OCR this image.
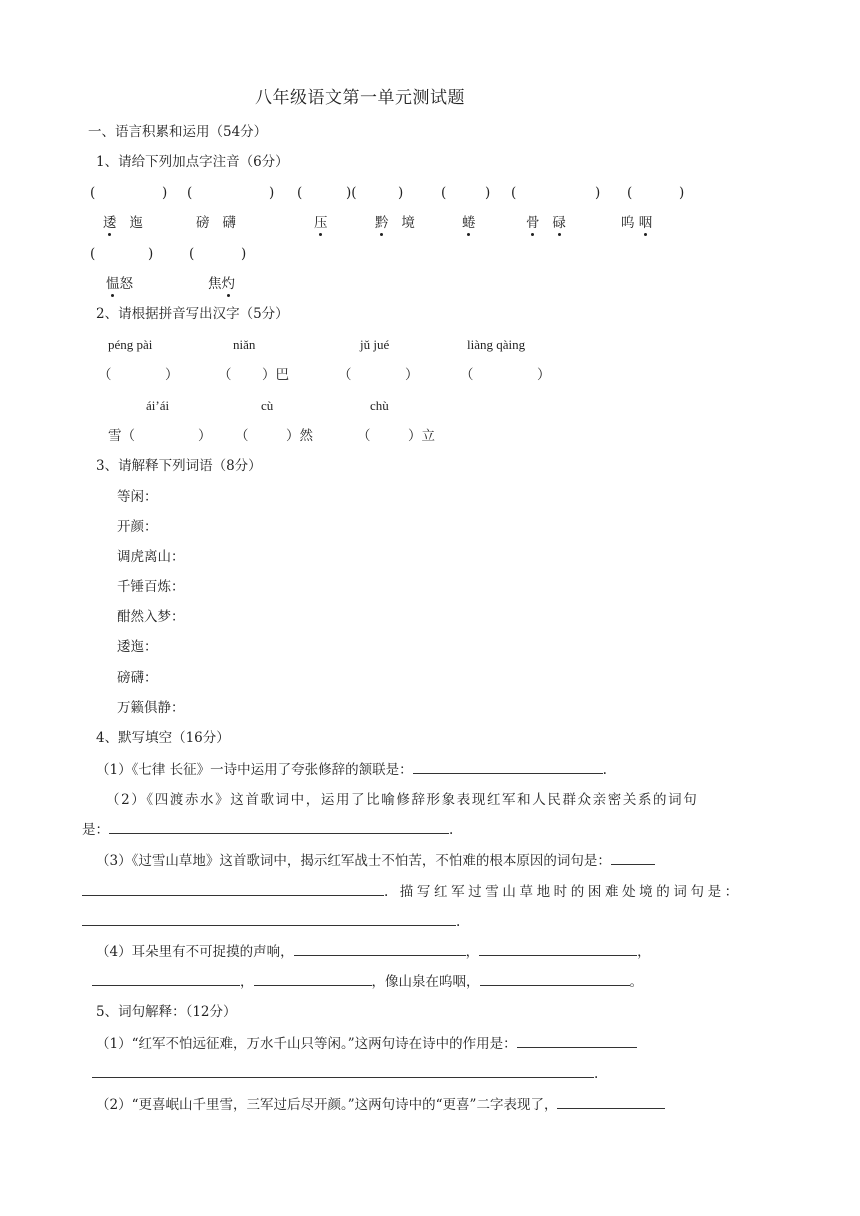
八年级语文第一单元测试题
一、语言积累和运用（54分）
1、请给下列加点字注音（6分）
(	) (	) (	)(	)	(	) (	) (	)
逶 迤	磅 礴	压	黔 境	蜷	骨 碌	呜 咽
(	)	(	)
愠怒	焦灼
2、请根据拼音写出汉字（5分）
péng pài	niǎn	jǔ jué	liàng qàing
（	）	（ ）巴	（	）	（	）
ái’ái	cù	chù
雪（	） （	）然	（	）立
3、请解释下列词语（8分）
等闲：
开颜：
调虎离山：
千锤百炼：
酣然入梦：
逶迤：
磅礴：
万籁俱静：
4、默写填空（16分）
（1）《七律 长征》一诗中运用了夸张修辞的颔联是：	.
（2）《四渡赤水》这首歌词中，运用了比喻修辞形象表现红军和人民群众亲密关系的词句
是：	.
（3）《过雪山草地》这首歌词中，揭示红军战士不怕苦，不怕难的根本原因的词句是：
. 描写红军过雪山草地时的困难处境的词句是：
.
（4）耳朵里有不可捉摸的声响，	，	，
，	，像山泉在呜咽，	。
5、词句解释：（12分）
（1）“红军不怕远征难，万水千山只等闲。”这两句诗在诗中的作用是：
.
（2）“更喜岷山千里雪，三军过后尽开颜。”这两句诗中的“更喜”二字表现了，
